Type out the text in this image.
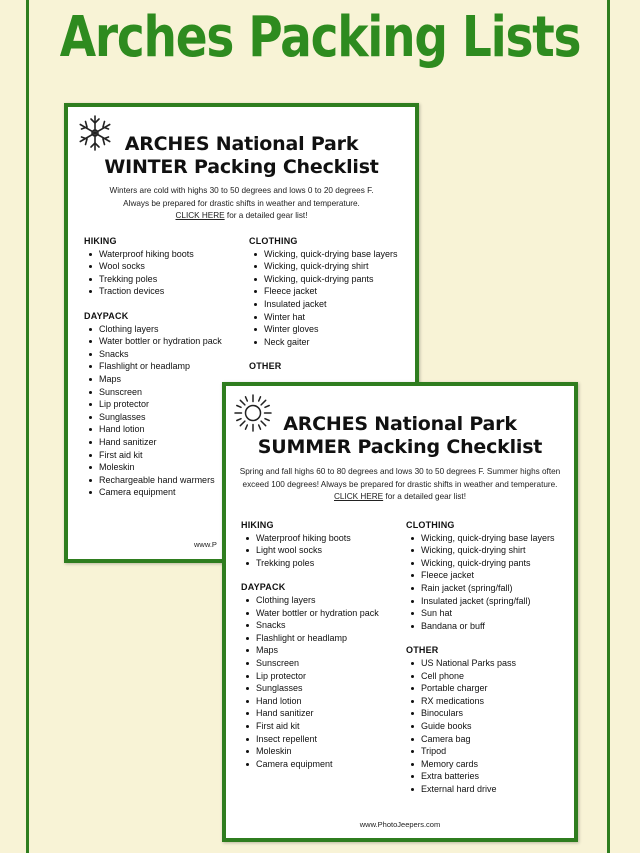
Arches Packing Lists
ARCHES National Park
WINTER Packing Checklist
Winters are cold with highs 30 to 50 degrees and lows 0 to 20 degrees F.
Always be prepared for drastic shifts in weather and temperature.
CLICK HERE for a detailed gear list!
HIKING
Waterproof hiking boots
Wool socks
Trekking poles
Traction devices
DAYPACK
Clothing layers
Water bottler or hydration pack
Snacks
Flashlight or headlamp
Maps
Sunscreen
Lip protector
Sunglasses
Hand lotion
Hand sanitizer
First aid kit
Moleskin
Rechargeable hand warmers
Camera equipment
CLOTHING
Wicking, quick-drying base layers
Wicking, quick-drying shirt
Wicking, quick-drying pants
Fleece jacket
Insulated jacket
Winter hat
Winter gloves
Neck gaiter
OTHER
www.P
ARCHES National Park
SUMMER Packing Checklist
Spring and fall highs 60 to 80 degrees and lows 30 to 50 degrees F. Summer highs often
exceed 100 degrees! Always be prepared for drastic shifts in weather and temperature.
CLICK HERE for a detailed gear list!
HIKING
Waterproof hiking boots
Light wool socks
Trekking poles
DAYPACK
Clothing layers
Water bottler or hydration pack
Snacks
Flashlight or headlamp
Maps
Sunscreen
Lip protector
Sunglasses
Hand lotion
Hand sanitizer
First aid kit
Insect repellent
Moleskin
Camera equipment
CLOTHING
Wicking, quick-drying base layers
Wicking, quick-drying shirt
Wicking, quick-drying pants
Fleece jacket
Rain jacket (spring/fall)
Insulated jacket (spring/fall)
Sun hat
Bandana or buff
OTHER
US National Parks pass
Cell phone
Portable charger
RX medications
Binoculars
Guide books
Camera bag
Tripod
Memory cards
Extra batteries
External hard drive
www.PhotoJeepers.com
